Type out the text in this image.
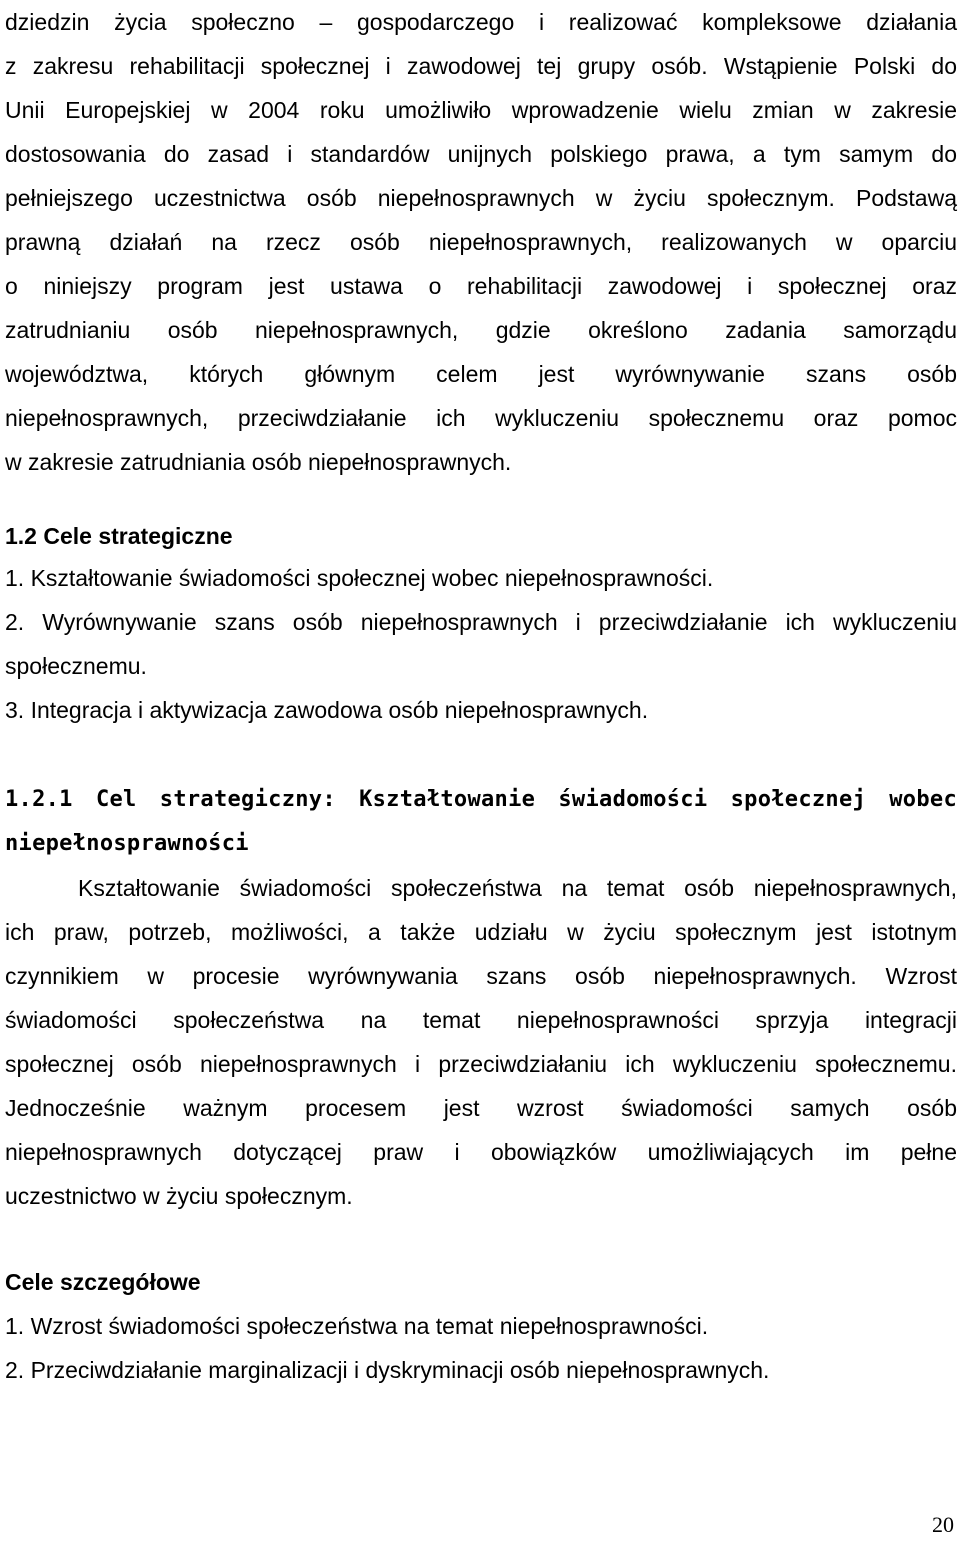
dziedzin życia społeczno – gospodarczego i realizować kompleksowe działania
z zakresu rehabilitacji społecznej i zawodowej tej grupy osób. Wstąpienie Polski do
Unii Europejskiej w 2004 roku umożliwiło wprowadzenie wielu zmian w zakresie
dostosowania do zasad i standardów unijnych polskiego prawa, a tym samym do
pełniejszego uczestnictwa osób niepełnosprawnych w życiu społecznym. Podstawą
prawną działań na rzecz osób niepełnosprawnych, realizowanych w oparciu
o niniejszy program jest ustawa o rehabilitacji zawodowej i społecznej oraz
zatrudnianiu osób niepełnosprawnych, gdzie określono zadania samorządu
województwa, których głównym celem jest wyrównywanie szans osób
niepełnosprawnych, przeciwdziałanie ich wykluczeniu społecznemu oraz pomoc
w zakresie zatrudniania osób niepełnosprawnych.
1.2 Cele strategiczne
1. Kształtowanie świadomości społecznej wobec niepełnosprawności.
2. Wyrównywanie szans osób niepełnosprawnych i przeciwdziałanie ich wykluczeniu
społecznemu.
3. Integracja i aktywizacja zawodowa osób niepełnosprawnych.
1.2.1 Cel strategiczny: Kształtowanie świadomości społecznej wobec
niepełnosprawności
Kształtowanie świadomości społeczeństwa na temat osób niepełnosprawnych,
ich praw, potrzeb, możliwości, a także udziału w życiu społecznym jest istotnym
czynnikiem w procesie wyrównywania szans osób niepełnosprawnych. Wzrost
świadomości społeczeństwa na temat niepełnosprawności sprzyja integracji
społecznej osób niepełnosprawnych i przeciwdziałaniu ich wykluczeniu społecznemu.
Jednocześnie ważnym procesem jest wzrost świadomości samych osób
niepełnosprawnych dotyczącej praw i obowiązków umożliwiających im pełne
uczestnictwo w życiu społecznym.
Cele szczegółowe
1. Wzrost świadomości społeczeństwa na temat niepełnosprawności.
2. Przeciwdziałanie marginalizacji i dyskryminacji osób niepełnosprawnych.
20
